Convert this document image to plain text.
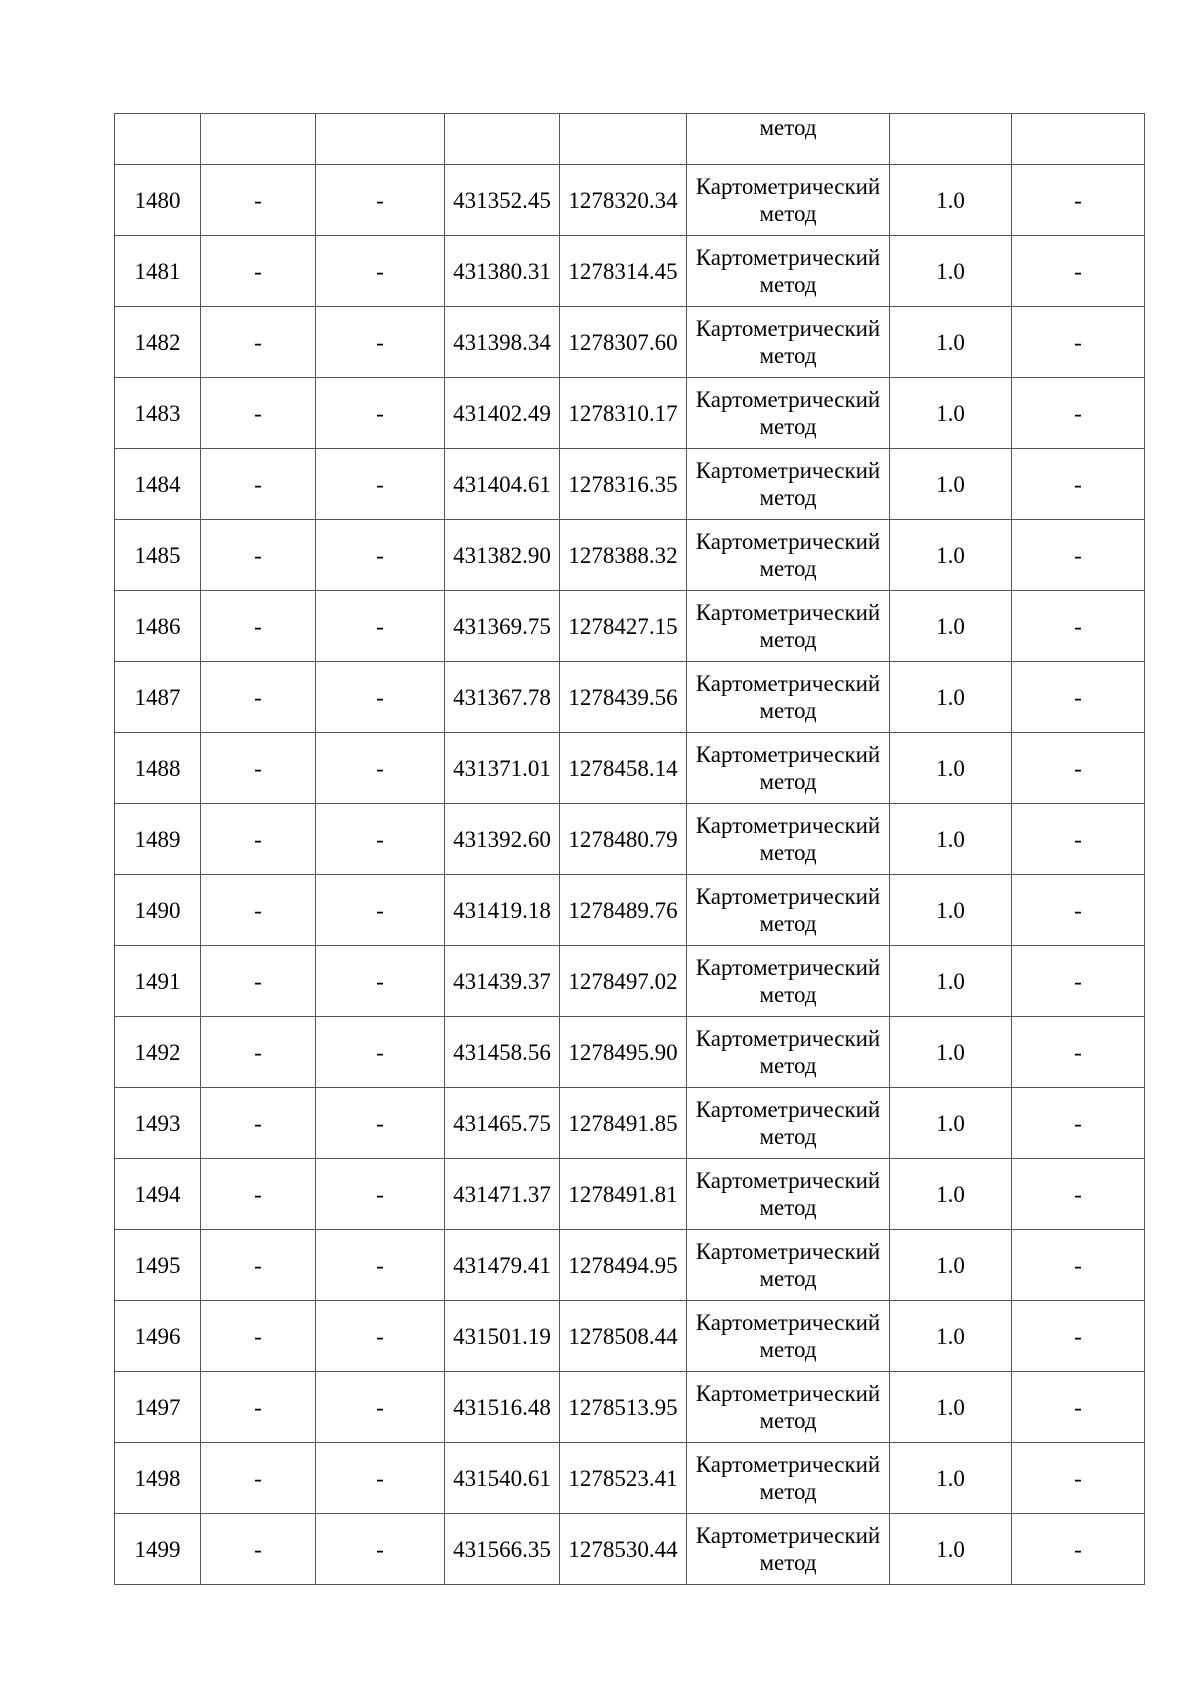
					метод		
1480	-	-	431352.45	1278320.34	Картометрический метод	1.0	-
1481	-	-	431380.31	1278314.45	Картометрический метод	1.0	-
1482	-	-	431398.34	1278307.60	Картометрический метод	1.0	-
1483	-	-	431402.49	1278310.17	Картометрический метод	1.0	-
1484	-	-	431404.61	1278316.35	Картометрический метод	1.0	-
1485	-	-	431382.90	1278388.32	Картометрический метод	1.0	-
1486	-	-	431369.75	1278427.15	Картометрический метод	1.0	-
1487	-	-	431367.78	1278439.56	Картометрический метод	1.0	-
1488	-	-	431371.01	1278458.14	Картометрический метод	1.0	-
1489	-	-	431392.60	1278480.79	Картометрический метод	1.0	-
1490	-	-	431419.18	1278489.76	Картометрический метод	1.0	-
1491	-	-	431439.37	1278497.02	Картометрический метод	1.0	-
1492	-	-	431458.56	1278495.90	Картометрический метод	1.0	-
1493	-	-	431465.75	1278491.85	Картометрический метод	1.0	-
1494	-	-	431471.37	1278491.81	Картометрический метод	1.0	-
1495	-	-	431479.41	1278494.95	Картометрический метод	1.0	-
1496	-	-	431501.19	1278508.44	Картометрический метод	1.0	-
1497	-	-	431516.48	1278513.95	Картометрический метод	1.0	-
1498	-	-	431540.61	1278523.41	Картометрический метод	1.0	-
1499	-	-	431566.35	1278530.44	Картометрический метод	1.0	-
